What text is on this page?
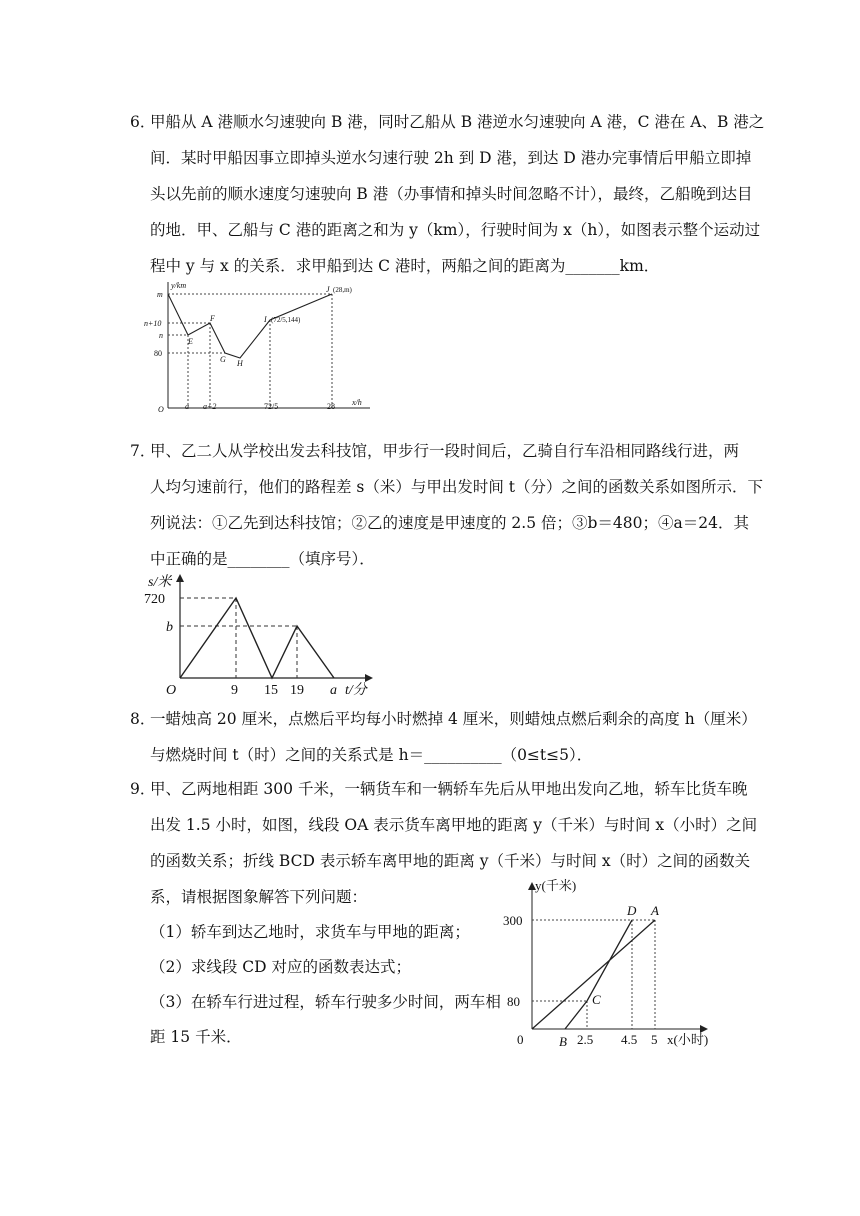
6．
甲船从 A 港顺水匀速驶向 B 港，同时乙船从 B 港逆水匀速驶向 A 港，C 港在 A、B 港之
间．某时甲船因事立即掉头逆水匀速行驶 2h 到 D 港，到达 D 港办完事情后甲船立即掉
头以先前的顺水速度匀速驶向 B 港（办事情和掉头时间忽略不计），最终，乙船晚到达目
的地．甲、乙船与 C 港的距离之和为 y（km），行驶时间为 x（h），如图表示整个运动过
程中 y 与 x 的关系．求甲船到达 C 港时，两船之间的距离为_______km．
y/km
x/h
m
n+10
n
80
O	a a+2	72/5	28
E
F
G H
I (72/5,144)
J (28,m)
7．
甲、乙二人从学校出发去科技馆，甲步行一段时间后，乙骑自行车沿相同路线行进，两
人均匀速前行，他们的路程差 s（米）与甲出发时间 t（分）之间的函数关系如图所示．下
列说法：①乙先到达科技馆；②乙的速度是甲速度的 2.5 倍；③b＝480；④a＝24．其
中正确的是________（填序号）．
s/米
720
b
O	9 15 19 a t/分
8．
一蜡烛高 20 厘米，点燃后平均每小时燃掉 4 厘米，则蜡烛点燃后剩余的高度 h（厘米）
与燃烧时间 t（时）之间的关系式是 h＝__________（0≤t≤5）．
9．
甲、乙两地相距 300 千米，一辆货车和一辆轿车先后从甲地出发向乙地，轿车比货车晚
出发 1.5 小时，如图，线段 OA 表示货车离甲地的距离 y（千米）与时间 x（小时）之间
的函数关系；折线 BCD 表示轿车离甲地的距离 y（千米）与时间 x（时）之间的函数关
系，请根据图象解答下列问题：
（1）轿车到达乙地时，求货车与甲地的距离；
（2）求线段 CD 对应的函数表达式；
（3）在轿车行进过程，轿车行驶多少时间，两车相
距 15 千米．
y(千米)
300
80
0	B 2.5 4.5 5 x(小时)
D A
C
